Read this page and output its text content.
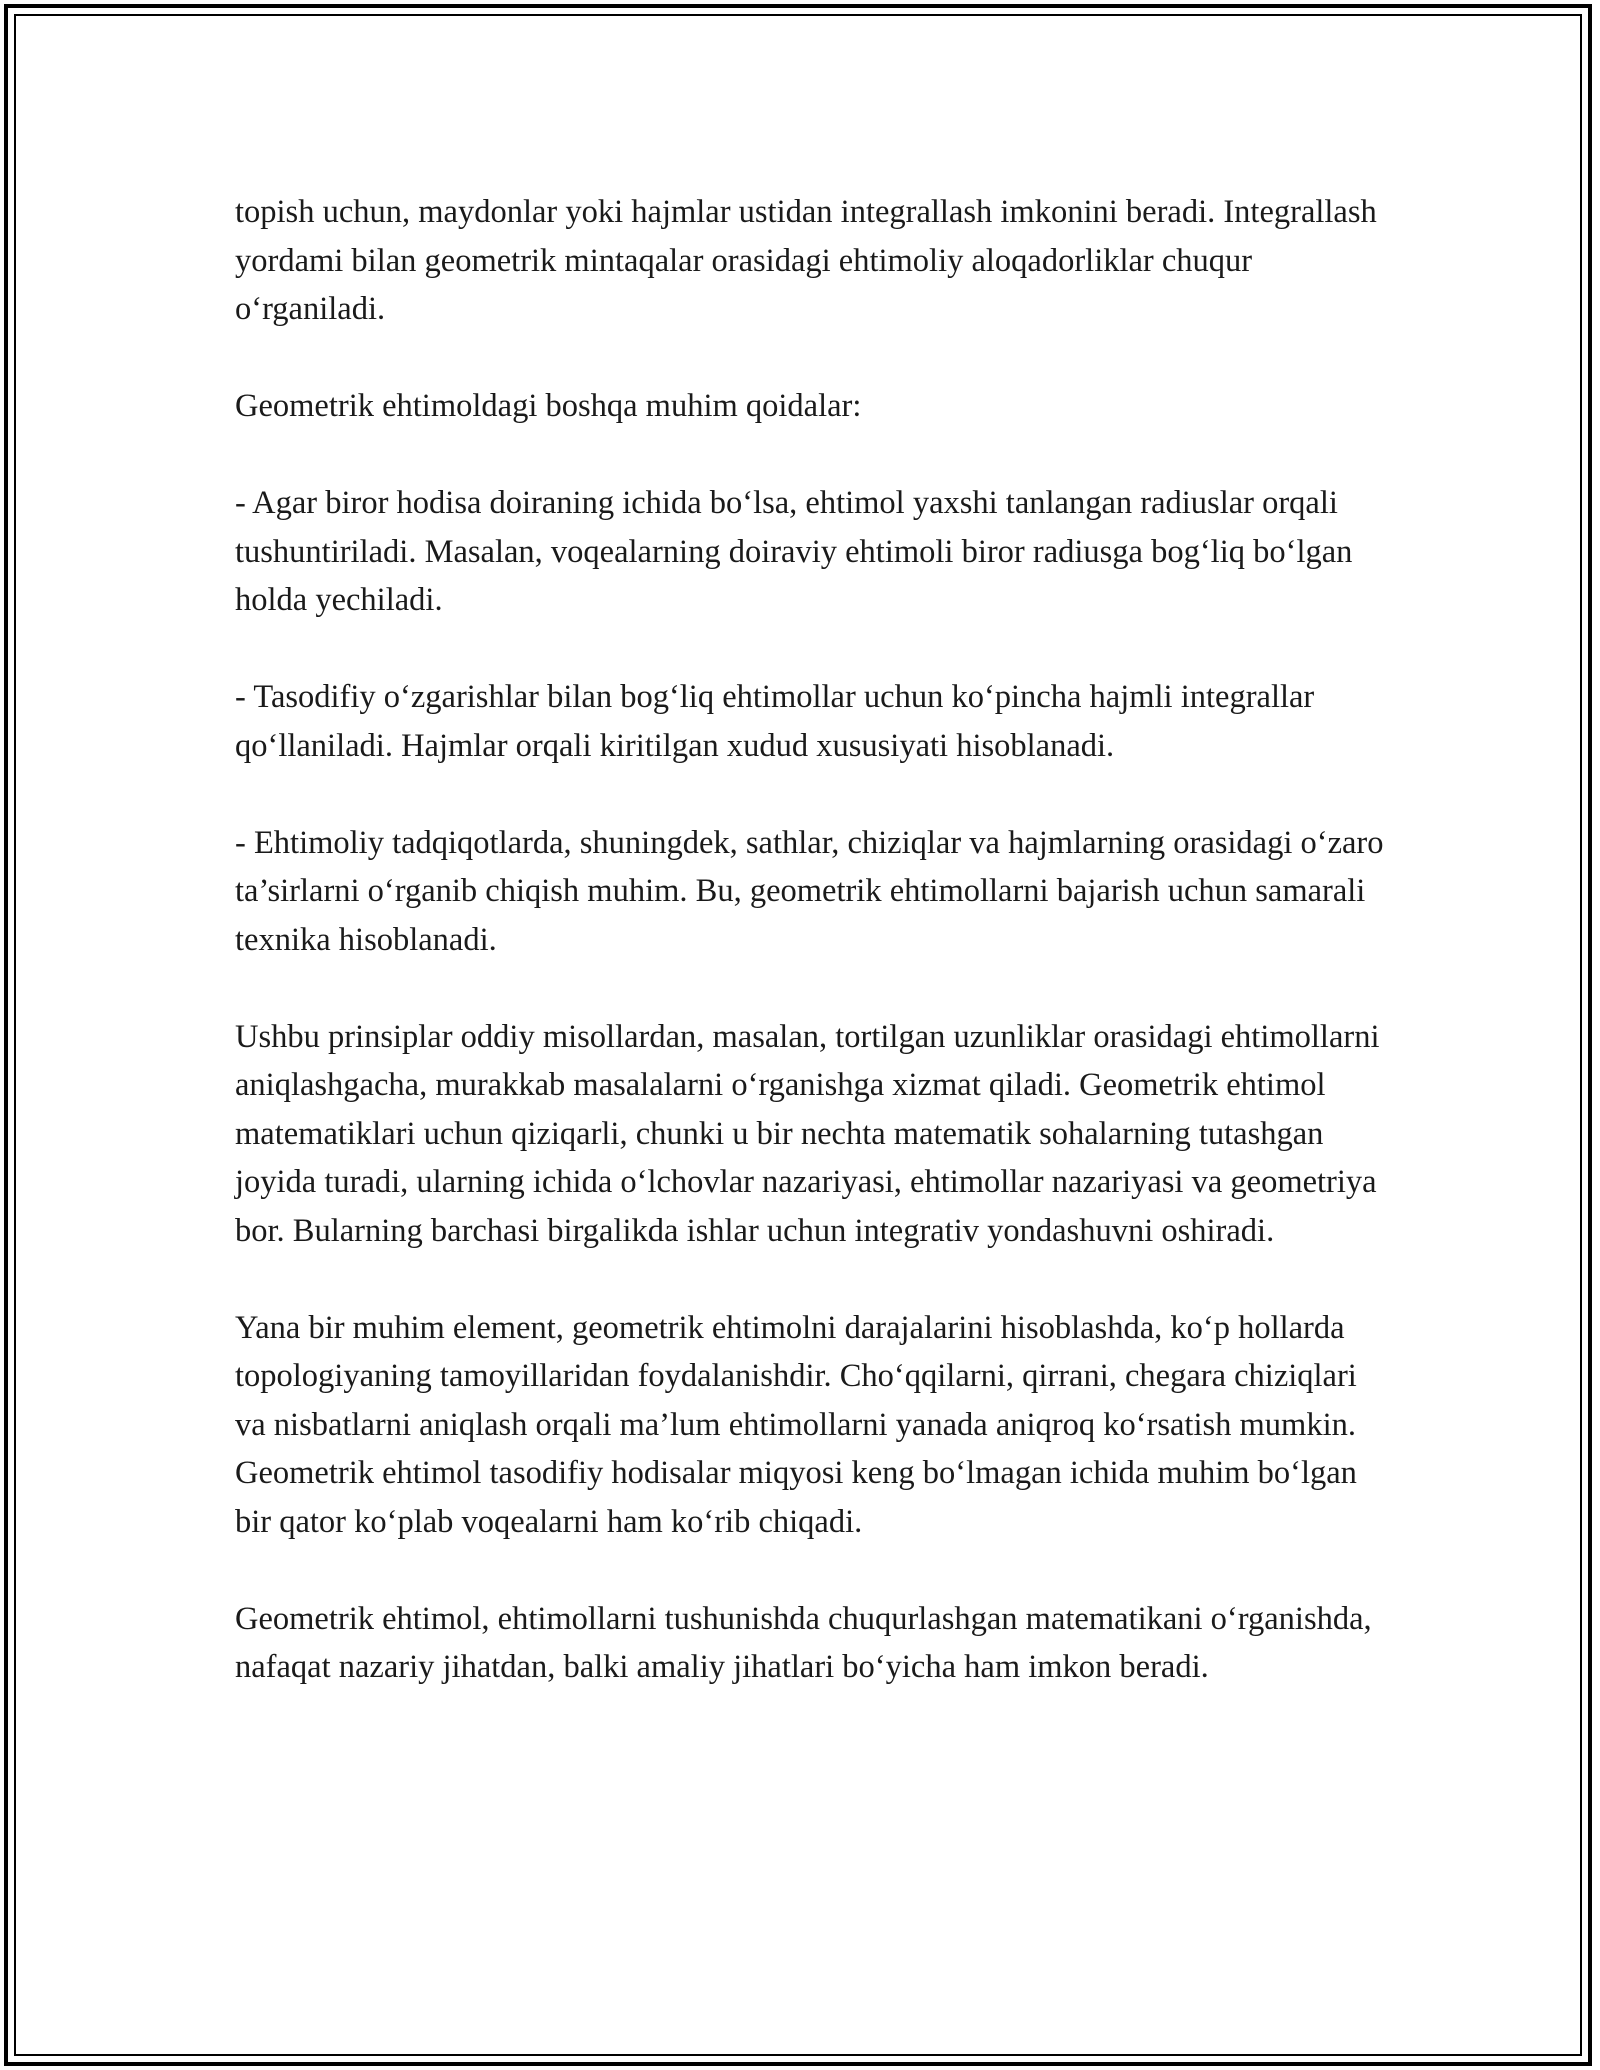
topish uchun, maydonlar yoki hajmlar ustidan integrallash imkonini beradi. Integrallash yordami bilan geometrik mintaqalar orasidagi ehtimoliy aloqadorliklar chuqur o‘rganiladi.

Geometrik ehtimoldagi boshqa muhim qoidalar:

- Agar biror hodisa doiraning ichida bo‘lsa, ehtimol yaxshi tanlangan radiuslar orqali tushuntiriladi. Masalan, voqealarning doiraviy ehtimoli biror radiusga bog‘liq bo‘lgan holda yechiladi.

- Tasodifiy o‘zgarishlar bilan bog‘liq ehtimollar uchun ko‘pincha hajmli integrallar qo‘llaniladi. Hajmlar orqali kiritilgan xudud xususiyati hisoblanadi.

- Ehtimoliy tadqiqotlarda, shuningdek, sathlar, chiziqlar va hajmlarning orasidagi o‘zaro ta’sirlarni o‘rganib chiqish muhim. Bu, geometrik ehtimollarni bajarish uchun samarali texnika hisoblanadi.

Ushbu prinsiplar oddiy misollardan, masalan, tortilgan uzunliklar orasidagi ehtimollarni aniqlashgacha, murakkab masalalarni o‘rganishga xizmat qiladi. Geometrik ehtimol matematiklari uchun qiziqarli, chunki u bir nechta matematik sohalarning tutashgan joyida turadi, ularning ichida o‘lchovlar nazariyasi, ehtimollar nazariyasi va geometriya bor. Bularning barchasi birgalikda ishlar uchun integrativ yondashuvni oshiradi.

Yana bir muhim element, geometrik ehtimolni darajalarini hisoblashda, ko‘p hollarda topologiyaning tamoyillaridan foydalanishdir. Cho‘qqilarni, qirrani, chegara chiziqlari va nisbatlarni aniqlash orqali ma’lum ehtimollarni yanada aniqroq ko‘rsatish mumkin. Geometrik ehtimol tasodifiy hodisalar miqyosi keng bo‘lmagan ichida muhim bo‘lgan bir qator ko‘plab voqealarni ham ko‘rib chiqadi.

Geometrik ehtimol, ehtimollarni tushunishda chuqurlashgan matematikani o‘rganishda, nafaqat nazariy jihatdan, balki amaliy jihatlari bo‘yicha ham imkon beradi.
